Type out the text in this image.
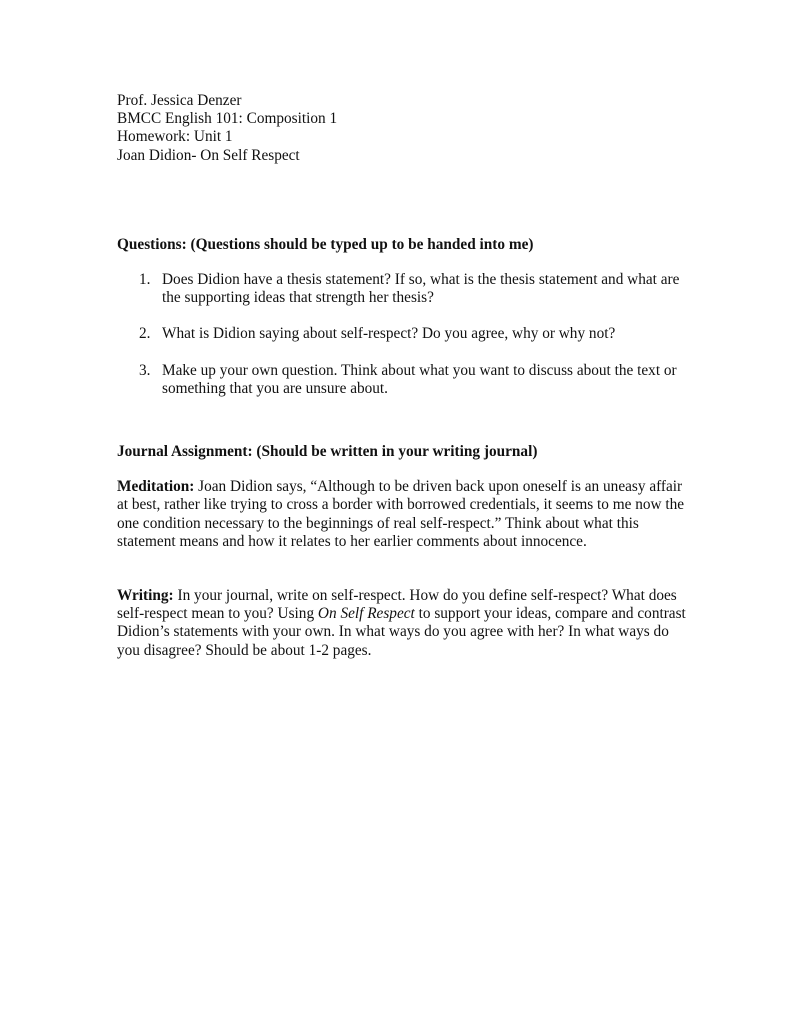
Prof. Jessica Denzer
BMCC English 101: Composition 1
Homework: Unit 1
Joan Didion- On Self Respect
Questions: (Questions should be typed up to be handed into me)
1. Does Didion have a thesis statement? If so, what is the thesis statement and what are the supporting ideas that strength her thesis?
2. What is Didion saying about self-respect? Do you agree, why or why not?
3. Make up your own question. Think about what you want to discuss about the text or something that you are unsure about.
Journal Assignment: (Should be written in your writing journal)

Meditation: Joan Didion says, “Although to be driven back upon oneself is an uneasy affair at best, rather like trying to cross a border with borrowed credentials, it seems to me now the one condition necessary to the beginnings of real self-respect.” Think about what this statement means and how it relates to her earlier comments about innocence.

Writing: In your journal, write on self-respect. How do you define self-respect? What does self-respect mean to you? Using On Self Respect to support your ideas, compare and contrast Didion’s statements with your own. In what ways do you agree with her? In what ways do you disagree? Should be about 1-2 pages.
